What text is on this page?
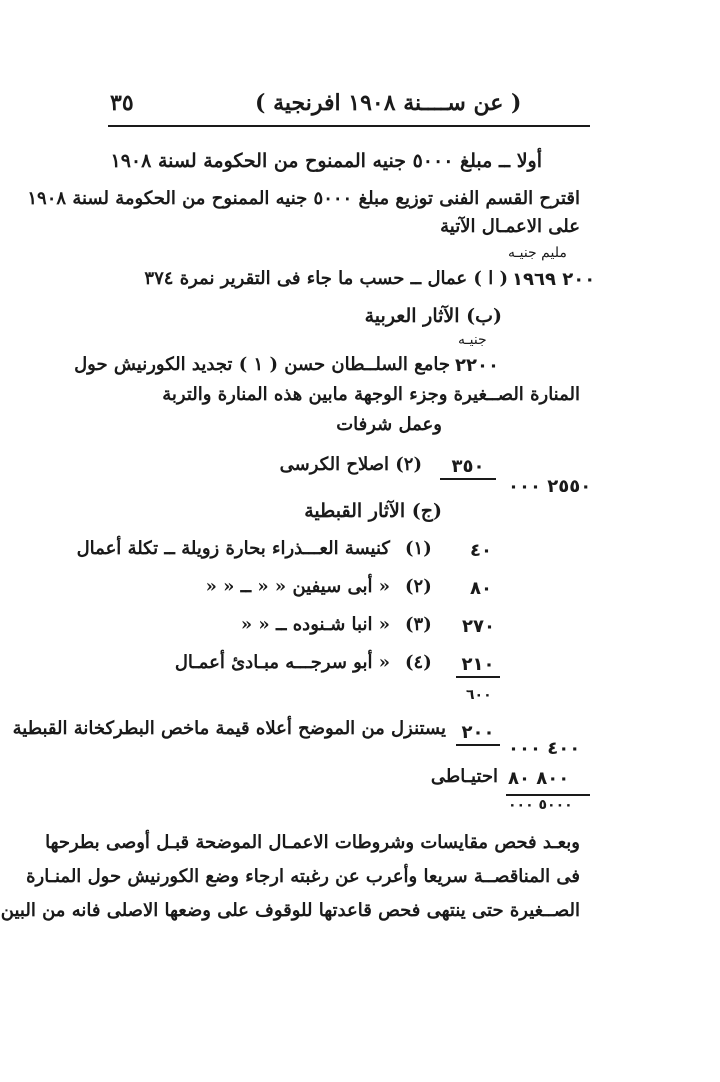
٣٥	( عن ســــنة ١٩٠٨ افرنجية )
أولا ــ مبلغ ٥٠٠٠ جنيه الممنوح من الحكومة لسنة ١٩٠٨
اقترح القسم الفنى توزيع مبلغ ٥٠٠٠ جنيه الممنوح من الحكومة لسنة ١٩٠٨
على الاعمـال الآتية
مليم جنيـه
٢٠٠ ١٩٦٩
( ا ) عمال ــ حسب ما جاء فى التقرير نمرة ٣٧٤
(ب) الآثار العربية
جنيـه
٢٢٠٠
جامع السلــطان حسن ( ١ ) تجديد الكورنيش حول
المنارة الصــغيرة وجزء الوجهة مابين هذه المنارة والتربة
وعمل شرفات
٣٥٠
(٢) اصلاح الكرسى
٢٥٥٠ ٠٠٠
(ج) الآثار القبطية
٤٠
(١)
كنيسة العـــذراء بحارة زويلة ــ تكلة أعمال
٨٠
(٢)
« أبى سيفين « « ــ « «
٢٧٠
(٣)
« انبا شـنوده ــ « «
٢١٠
(٤)
« أبو سرجـــه مبـادئ أعمـال
٦٠٠
٢٠٠
يستنزل من الموضح أعلاه قيمة ماخص البطركخانة القبطية
٤٠٠ ٠٠٠
٨٠٠ ٨٠
احتيـاطى
٥٠٠٠ ٠٠٠
وبعـد فحص مقايسات وشروطات الاعمـال الموضحة قبـل أوصى بطرحها
فى المناقصــة سريعا وأعرب عن رغبته ارجاء وضع الكورنيش حول المنـارة
الصــغيرة حتى ينتهى فحص قاعدتها للوقوف على وضعها الاصلى فانه من البين
